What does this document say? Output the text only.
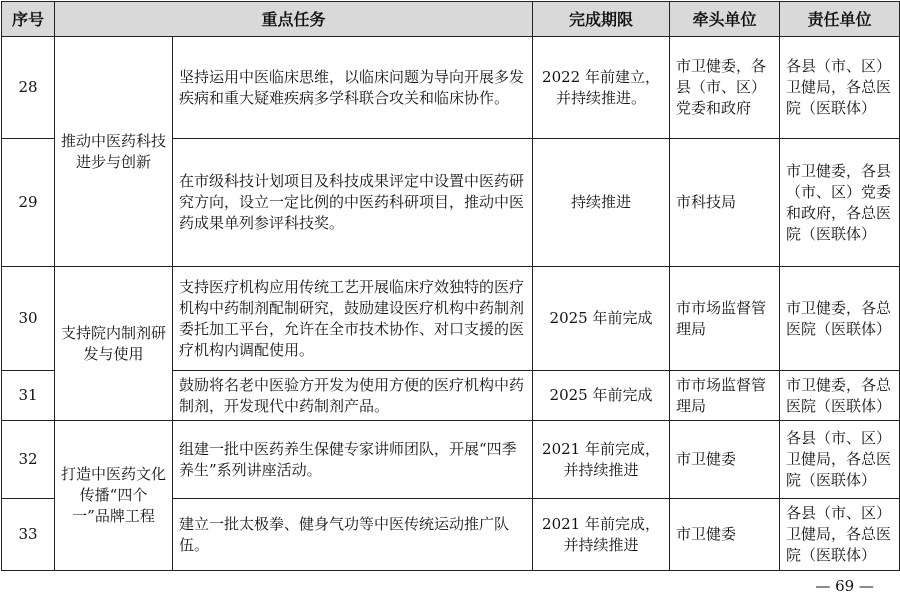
序号	重点任务		完成期限	牵头单位	责任单位
28	推动中医药科技进步与创新	坚持运用中医临床思维，以临床问题为导向开展多发疾病和重大疑难疾病多学科联合攻关和临床协作。	2022 年前建立，并持续推进。	市卫健委，各县（市、区）党委和政府	各县（市、区）卫健局，各总医院（医联体）
29		在市级科技计划项目及科技成果评定中设置中医药研究方向，设立一定比例的中医药科研项目，推动中医药成果单列参评科技奖。	持续推进	市科技局	市卫健委，各县（市、区）党委和政府，各总医院（医联体）
30	支持院内制剂研发与使用	支持医疗机构应用传统工艺开展临床疗效独特的医疗机构中药制剂配制研究，鼓励建设医疗机构中药制剂委托加工平台，允许在全市技术协作、对口支援的医疗机构内调配使用。	2025 年前完成	市市场监督管理局	市卫健委，各总医院（医联体）
31		鼓励将名老中医验方开发为使用方便的医疗机构中药制剂，开发现代中药制剂产品。	2025 年前完成	市市场监督管理局	市卫健委，各总医院（医联体）
32	打造中医药文化传播“四个一”品牌工程	组建一批中医药养生保健专家讲师团队，开展“四季养生”系列讲座活动。	2021 年前完成，并持续推进	市卫健委	各县（市、区）卫健局，各总医院（医联体）
33		建立一批太极拳、健身气功等中医传统运动推广队伍。	2021 年前完成，并持续推进	市卫健委	各县（市、区）卫健局，各总医院（医联体）
— 69 —
